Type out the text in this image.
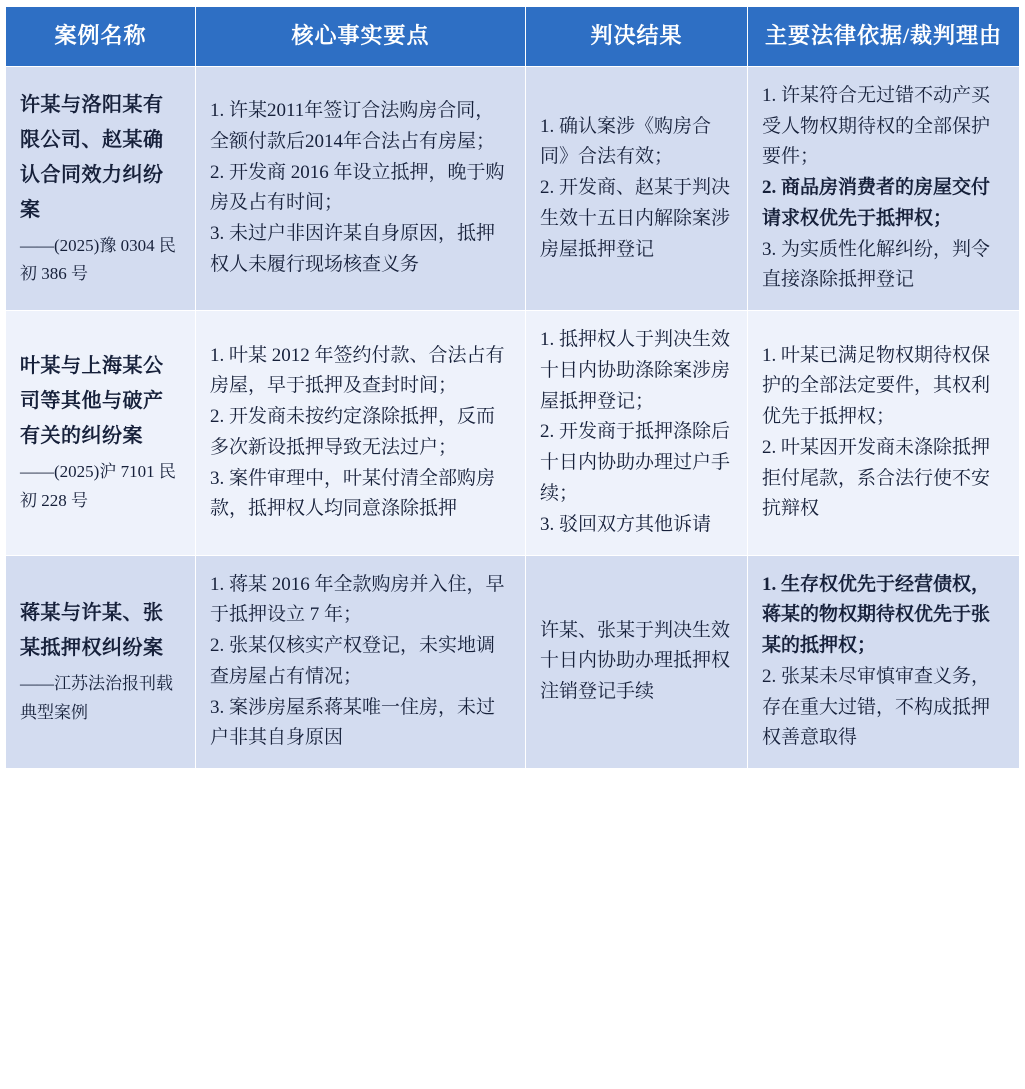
案例名称	核心事实要点	判决结果	主要法律依据/裁判理由

许某与洛阳某有限公司、赵某确认合同效力纠纷案
——(2025)豫 0304 民初 386 号	1. 许某2011年签订合法购房合同，全额付款后2014年合法占有房屋；
2. 开发商 2016 年设立抵押，晚于购房及占有时间；
3. 未过户非因许某自身原因，抵押权人未履行现场核查义务	1. 确认案涉《购房合同》合法有效；
2. 开发商、赵某于判决生效十五日内解除案涉房屋抵押登记	1. 许某符合无过错不动产买受人物权期待权的全部保护要件；
2. 商品房消费者的房屋交付请求权优先于抵押权；
3. 为实质性化解纠纷，判令直接涤除抵押登记

叶某与上海某公司等其他与破产有关的纠纷案
——(2025)沪 7101 民初 228 号	1. 叶某 2012 年签约付款、合法占有房屋，早于抵押及查封时间；
2. 开发商未按约定涤除抵押，反而多次新设抵押导致无法过户；
3. 案件审理中，叶某付清全部购房款，抵押权人均同意涤除抵押	1. 抵押权人于判决生效十日内协助涤除案涉房屋抵押登记；
2. 开发商于抵押涤除后十日内协助办理过户手续；
3. 驳回双方其他诉请	1. 叶某已满足物权期待权保护的全部法定要件，其权利优先于抵押权；
2. 叶某因开发商未涤除抵押拒付尾款，系合法行使不安抗辩权

蒋某与许某、张某抵押权纠纷案
——江苏法治报刊载典型案例	1. 蒋某 2016 年全款购房并入住，早于抵押设立 7 年；
2. 张某仅核实产权登记，未实地调查房屋占有情况；
3. 案涉房屋系蒋某唯一住房，未过户非其自身原因	许某、张某于判决生效十日内协助办理抵押权注销登记手续	1. 生存权优先于经营债权，蒋某的物权期待权优先于张某的抵押权；
2. 张某未尽审慎审查义务，存在重大过错，不构成抵押权善意取得
